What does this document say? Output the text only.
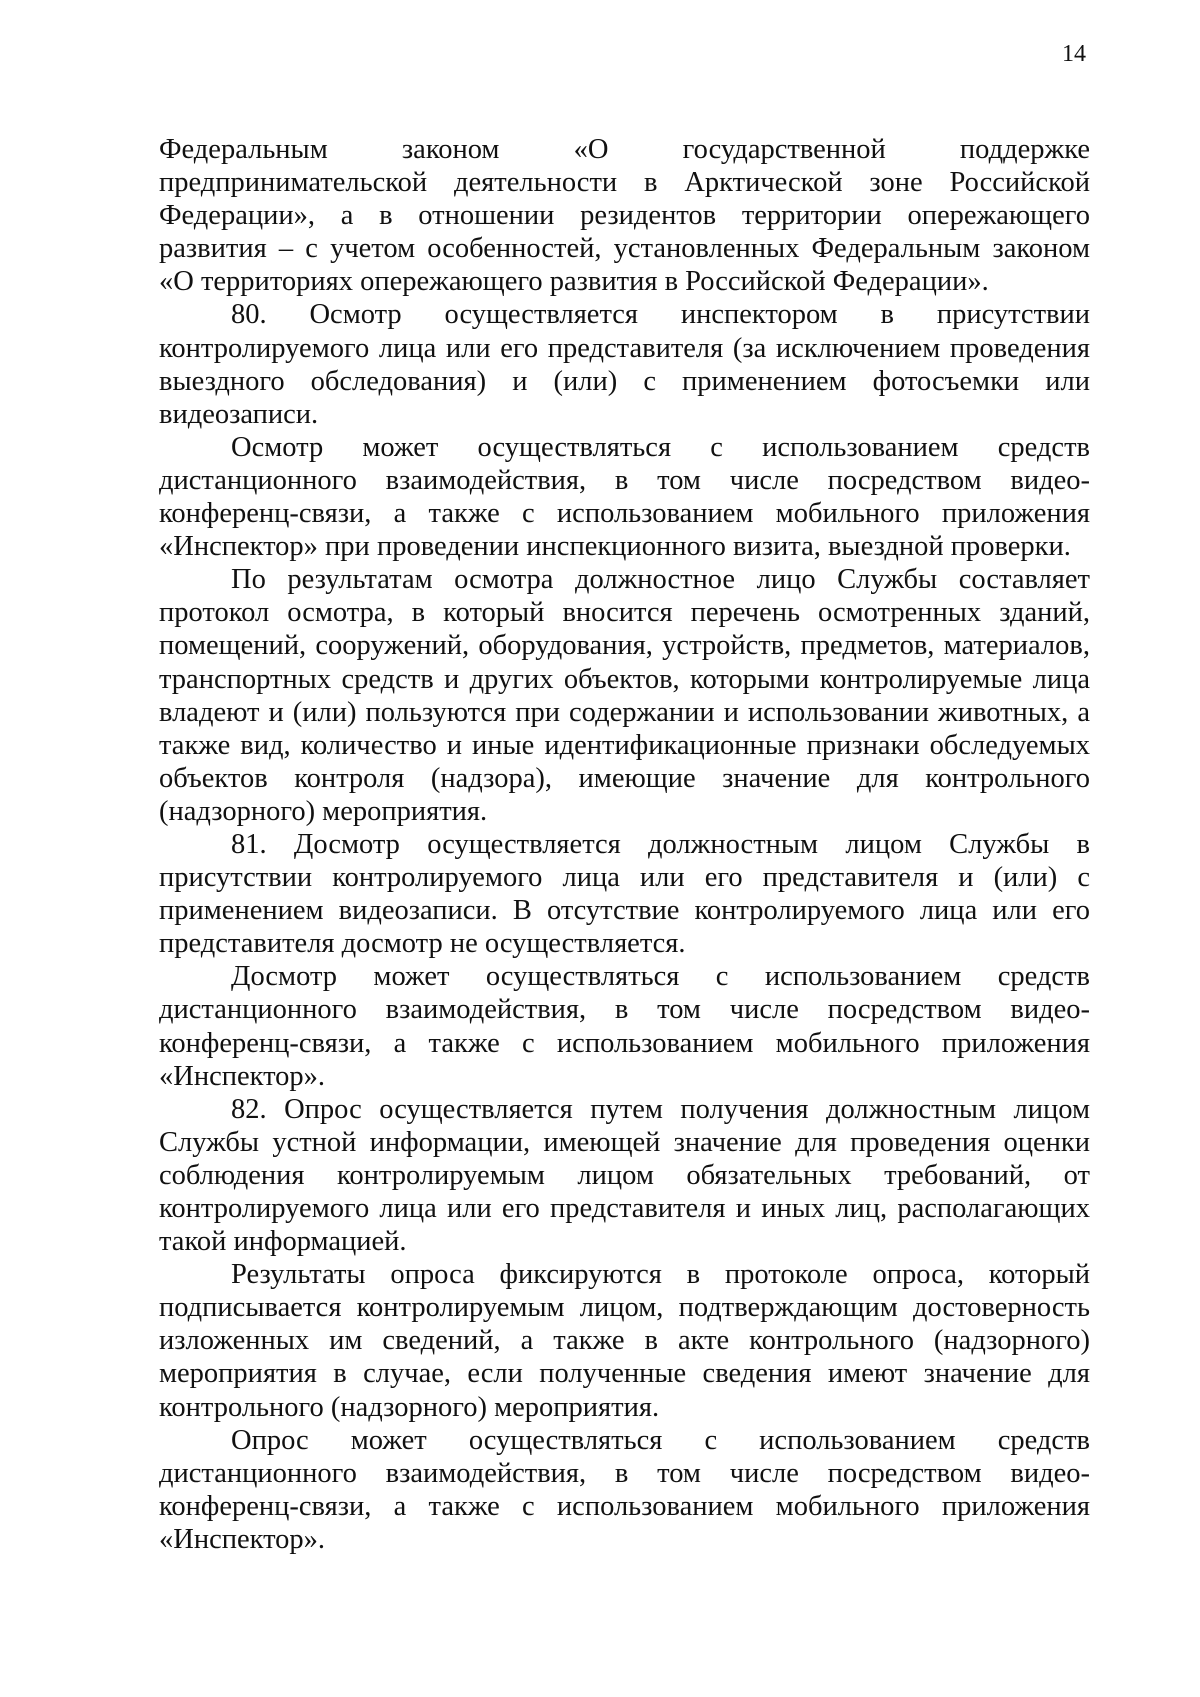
14

Федеральным законом «О государственной поддержке предпринимательской деятельности в Арктической зоне Российской Федерации», а в отношении резидентов территории опережающего развития – с учетом особенностей, установленных Федеральным законом «О территориях опережающего развития в Российской Федерации».

80. Осмотр осуществляется инспектором в присутствии контролируемого лица или его представителя (за исключением проведения выездного обследования) и (или) с применением фотосъемки или видеозаписи.

Осмотр может осуществляться с использованием средств дистанционного взаимодействия, в том числе посредством видео-конференц-связи, а также с использованием мобильного приложения «Инспектор» при проведении инспекционного визита, выездной проверки.

По результатам осмотра должностное лицо Службы составляет протокол осмотра, в который вносится перечень осмотренных зданий, помещений, сооружений, оборудования, устройств, предметов, материалов, транспортных средств и других объектов, которыми контролируемые лица владеют и (или) пользуются при содержании и использовании животных, а также вид, количество и иные идентификационные признаки обследуемых объектов контроля (надзора), имеющие значение для контрольного (надзорного) мероприятия.

81. Досмотр осуществляется должностным лицом Службы в присутствии контролируемого лица или его представителя и (или) с применением видеозаписи. В отсутствие контролируемого лица или его представителя досмотр не осуществляется.

Досмотр может осуществляться с использованием средств дистанционного взаимодействия, в том числе посредством видео-конференц-связи, а также с использованием мобильного приложения «Инспектор».

82. Опрос осуществляется путем получения должностным лицом Службы устной информации, имеющей значение для проведения оценки соблюдения контролируемым лицом обязательных требований, от контролируемого лица или его представителя и иных лиц, располагающих такой информацией.

Результаты опроса фиксируются в протоколе опроса, который подписывается контролируемым лицом, подтверждающим достоверность изложенных им сведений, а также в акте контрольного (надзорного) мероприятия в случае, если полученные сведения имеют значение для контрольного (надзорного) мероприятия.

Опрос может осуществляться с использованием средств дистанционного взаимодействия, в том числе посредством видео-конференц-связи, а также с использованием мобильного приложения «Инспектор».
